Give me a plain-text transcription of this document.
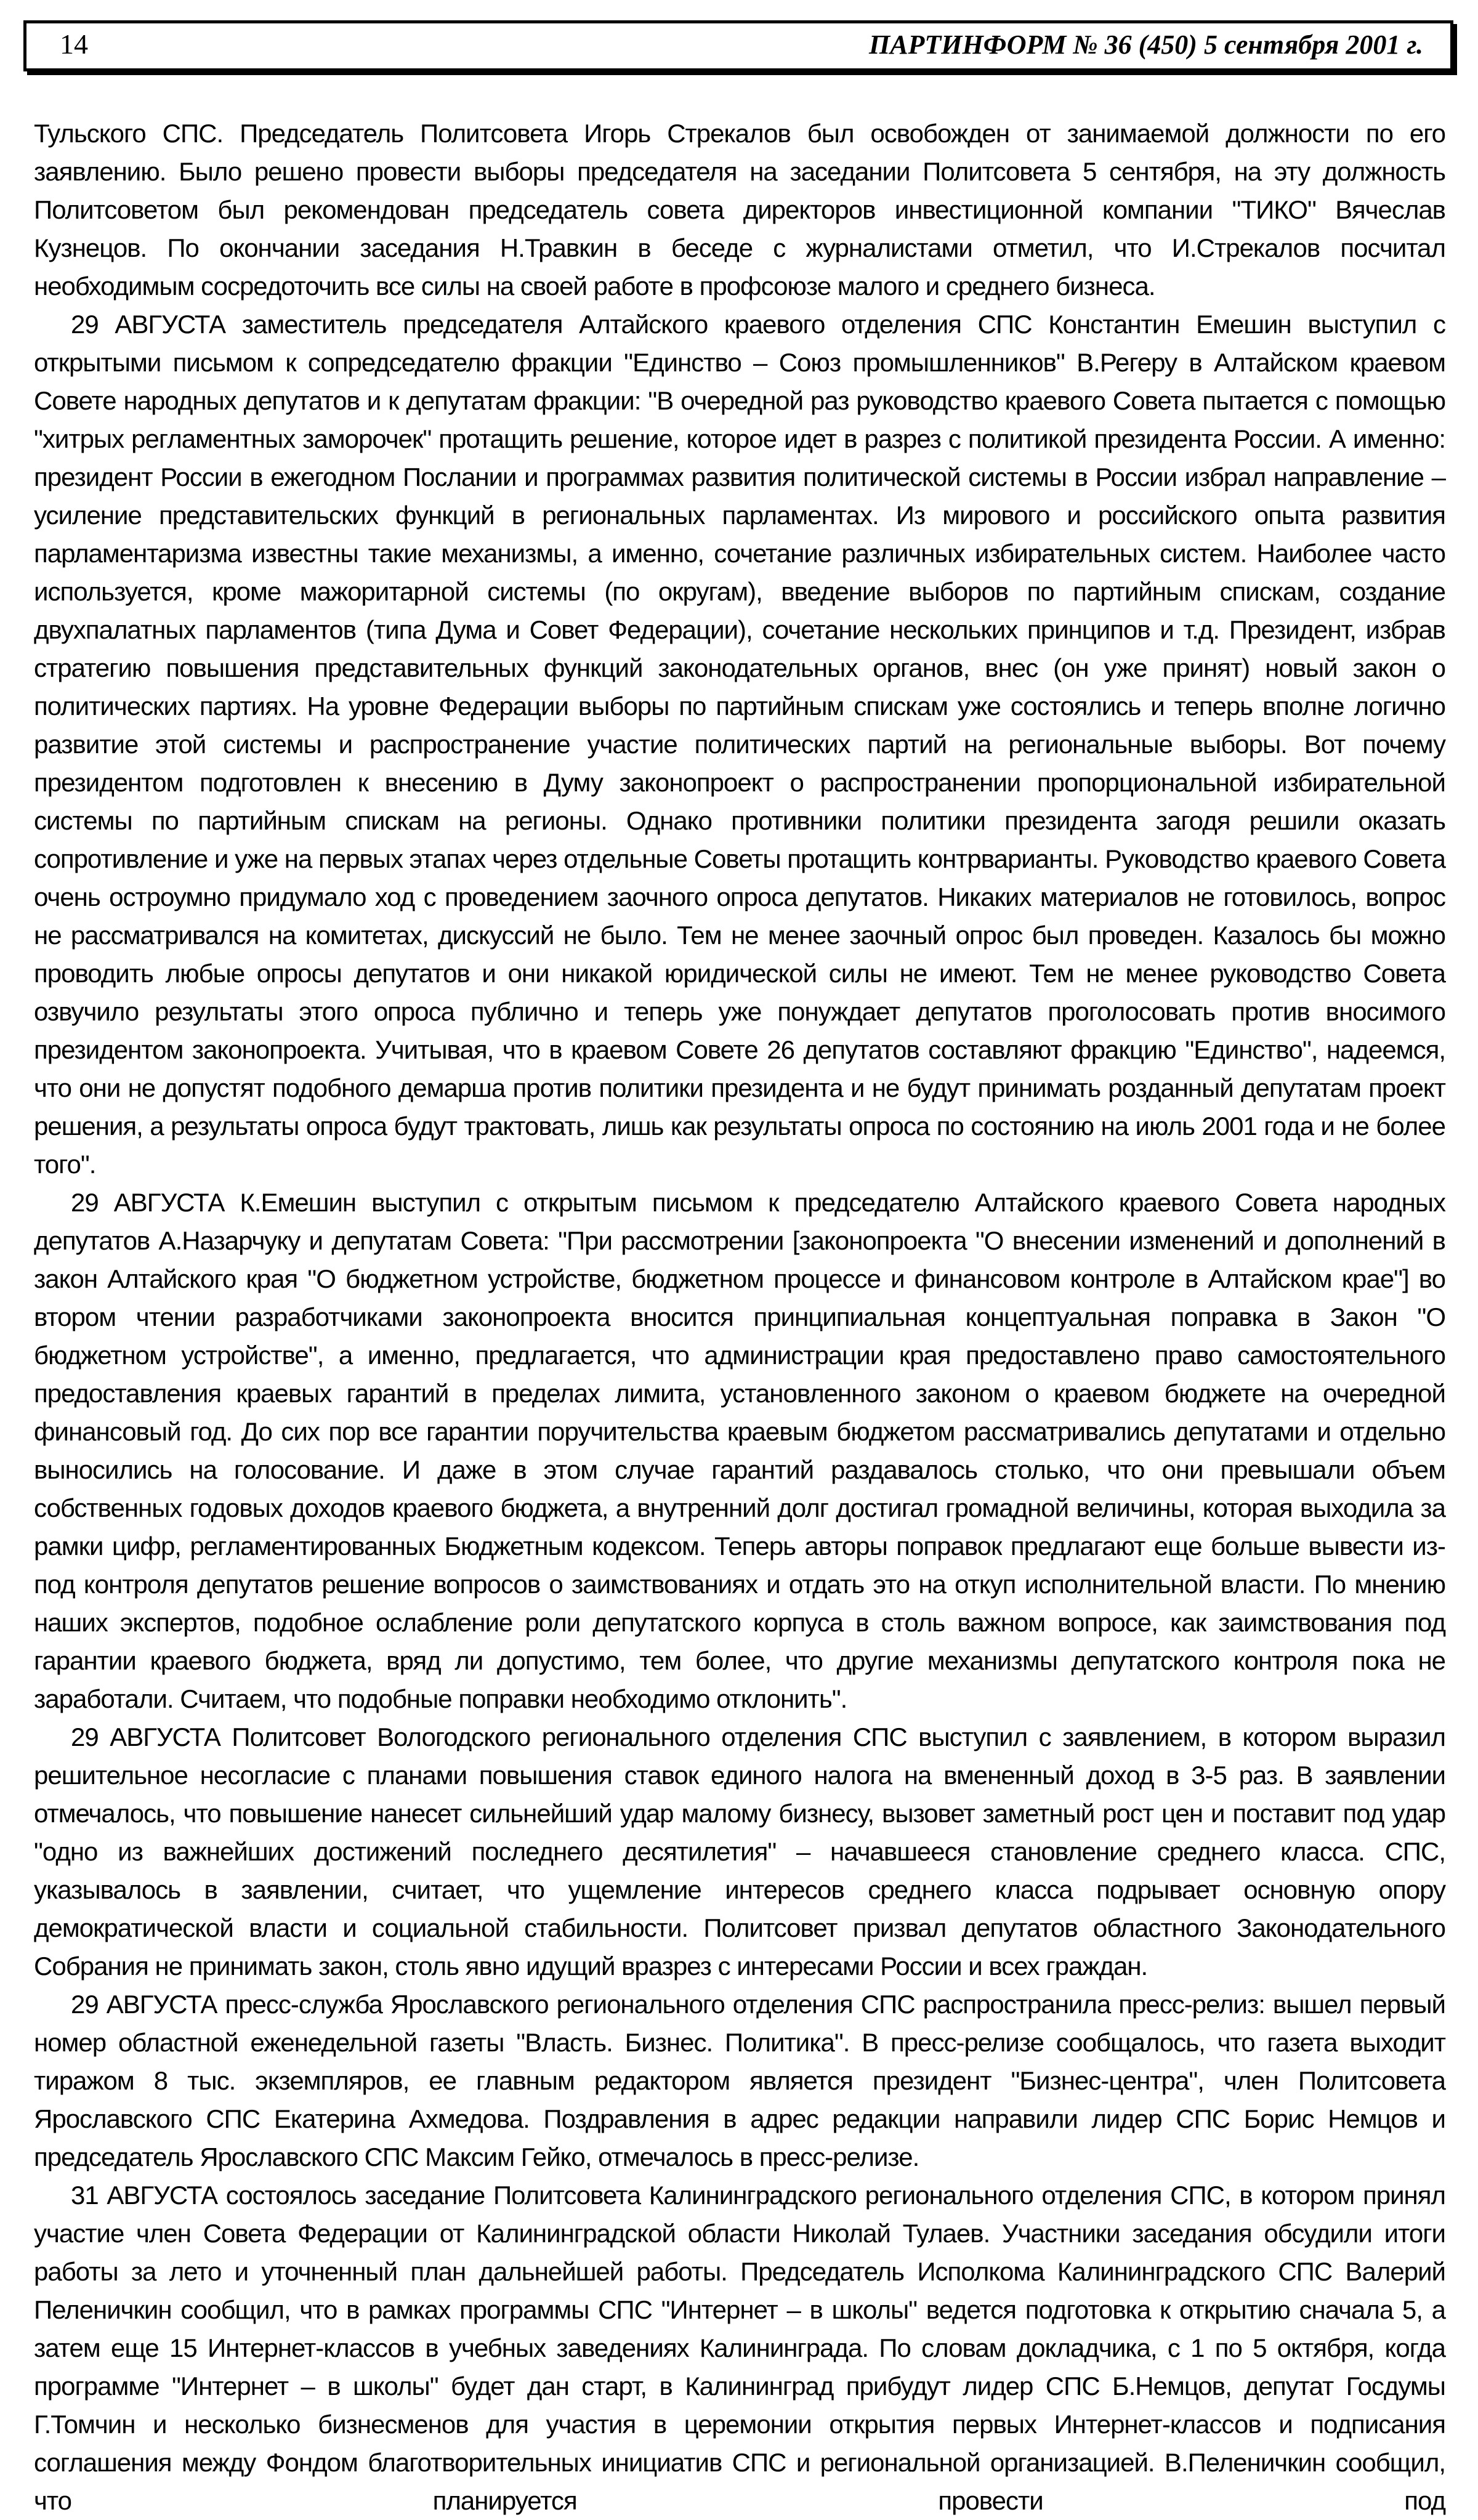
14	ПАРТИНФОРМ № 36 (450) 5 сентября 2001 г.

Тульского СПС. Председатель Политсовета Игорь Стрекалов был освобожден от занимаемой должности по его заявлению. Было решено провести выборы председателя на заседании Политсовета 5 сентября, на эту должность Политсоветом был рекомендован председатель совета директоров инвестиционной компании "ТИКО" Вячеслав Кузнецов. По окончании заседания Н.Травкин в беседе с журналистами отметил, что И.Стрекалов посчитал необходимым сосредоточить все силы на своей работе в профсоюзе малого и среднего бизнеса.

29 АВГУСТА заместитель председателя Алтайского краевого отделения СПС Константин Емешин выступил с открытыми письмом к сопредседателю фракции "Единство – Союз промышленников" В.Регеру в Алтайском краевом Совете народных депутатов и к депутатам фракции: "В очередной раз руководство краевого Совета пытается с помощью "хитрых регламентных заморочек" протащить решение, которое идет в разрез с политикой президента России. А именно: президент России в ежегодном Послании и программах развития политической системы в России избрал направление – усиление представительских функций в региональных парламентах. Из мирового и российского опыта развития парламентаризма известны такие механизмы, а именно, сочетание различных избирательных систем. Наиболее часто используется, кроме мажоритарной системы (по округам), введение выборов по партийным спискам, создание двухпалатных парламентов (типа Дума и Совет Федерации), сочетание нескольких принципов и т.д. Президент, избрав стратегию повышения представительных функций законодательных органов, внес (он уже принят) новый закон о политических партиях. На уровне Федерации выборы по партийным спискам уже состоялись и теперь вполне логично развитие этой системы и распространение участие политических партий на региональные выборы. Вот почему президентом подготовлен к внесению в Думу законопроект о распространении пропорциональной избирательной системы по партийным спискам на регионы. Однако противники политики президента загодя решили оказать сопротивление и уже на первых этапах через отдельные Советы протащить контрварианты. Руководство краевого Совета очень остроумно придумало ход с проведением заочного опроса депутатов. Никаких материалов не готовилось, вопрос не рассматривался на комитетах, дискуссий не было. Тем не менее заочный опрос был проведен. Казалось бы можно проводить любые опросы депутатов и они никакой юридической силы не имеют. Тем не менее руководство Совета озвучило результаты этого опроса публично и теперь уже понуждает депутатов проголосовать против вносимого президентом законопроекта. Учитывая, что в краевом Совете 26 депутатов составляют фракцию "Единство", надеемся, что они не допустят подобного демарша против политики президента и не будут принимать розданный депутатам проект решения, а результаты опроса будут трактовать, лишь как результаты опроса по состоянию на июль 2001 года и не более того".

29 АВГУСТА К.Емешин выступил с открытым письмом к председателю Алтайского краевого Совета народных депутатов А.Назарчуку и депутатам Совета: "При рассмотрении [законопроекта "О внесении изменений и дополнений в закон Алтайского края "О бюджетном устройстве, бюджетном процессе и финансовом контроле в Алтайском крае"] во втором чтении разработчиками законопроекта вносится принципиальная концептуальная поправка в Закон "О бюджетном устройстве", а именно, предлагается, что администрации края предоставлено право самостоятельного предоставления краевых гарантий в пределах лимита, установленного законом о краевом бюджете на очередной финансовый год. До сих пор все гарантии поручительства краевым бюджетом рассматривались депутатами и отдельно выносились на голосование. И даже в этом случае гарантий раздавалось столько, что они превышали объем собственных годовых доходов краевого бюджета, а внутренний долг достигал громадной величины, которая выходила за рамки цифр, регламентированных Бюджетным кодексом. Теперь авторы поправок предлагают еще больше вывести из-под контроля депутатов решение вопросов о заимствованиях и отдать это на откуп исполнительной власти. По мнению наших экспертов, подобное ослабление роли депутатского корпуса в столь важном вопросе, как заимствования под гарантии краевого бюджета, вряд ли допустимо, тем более, что другие механизмы депутатского контроля пока не заработали. Считаем, что подобные поправки необходимо отклонить".

29 АВГУСТА Политсовет Вологодского регионального отделения СПС выступил с заявлением, в котором выразил решительное несогласие с планами повышения ставок единого налога на вмененный доход в 3-5 раз. В заявлении отмечалось, что повышение нанесет сильнейший удар малому бизнесу, вызовет заметный рост цен и поставит под удар "одно из важнейших достижений последнего десятилетия" – начавшееся становление среднего класса. СПС, указывалось в заявлении, считает, что ущемление интересов среднего класса подрывает основную опору демократической власти и социальной стабильности. Политсовет призвал депутатов областного Законодательного Собрания не принимать закон, столь явно идущий вразрез с интересами России и всех граждан.

29 АВГУСТА пресс-служба Ярославского регионального отделения СПС распространила пресс-релиз: вышел первый номер областной еженедельной газеты "Власть. Бизнес. Политика". В пресс-релизе сообщалось, что газета выходит тиражом 8 тыс. экземпляров, ее главным редактором является президент "Бизнес-центра", член Политсовета Ярославского СПС Екатерина Ахмедова. Поздравления в адрес редакции направили лидер СПС Борис Немцов и председатель Ярославского СПС Максим Гейко, отмечалось в пресс-релизе.

31 АВГУСТА состоялось заседание Политсовета Калининградского регионального отделения СПС, в котором принял участие член Совета Федерации от Калининградской области Николай Тулаев. Участники заседания обсудили итоги работы за лето и уточненный план дальнейшей работы. Председатель Исполкома Калининградского СПС Валерий Пеленичкин сообщил, что в рамках программы СПС "Интернет – в школы" ведется подготовка к открытию сначала 5, а затем еще 15 Интернет-классов в учебных заведениях Калининграда. По словам докладчика, с 1 по 5 октября, когда программе "Интернет – в школы" будет дан старт, в Калининград прибудут лидер СПС Б.Немцов, депутат Госдумы Г.Томчин и несколько бизнесменов для участия в церемонии открытия первых Интернет-классов и подписания соглашения между Фондом благотворительных инициатив СПС и региональной организацией. В.Пеленичкин сообщил, что планируется провести под
